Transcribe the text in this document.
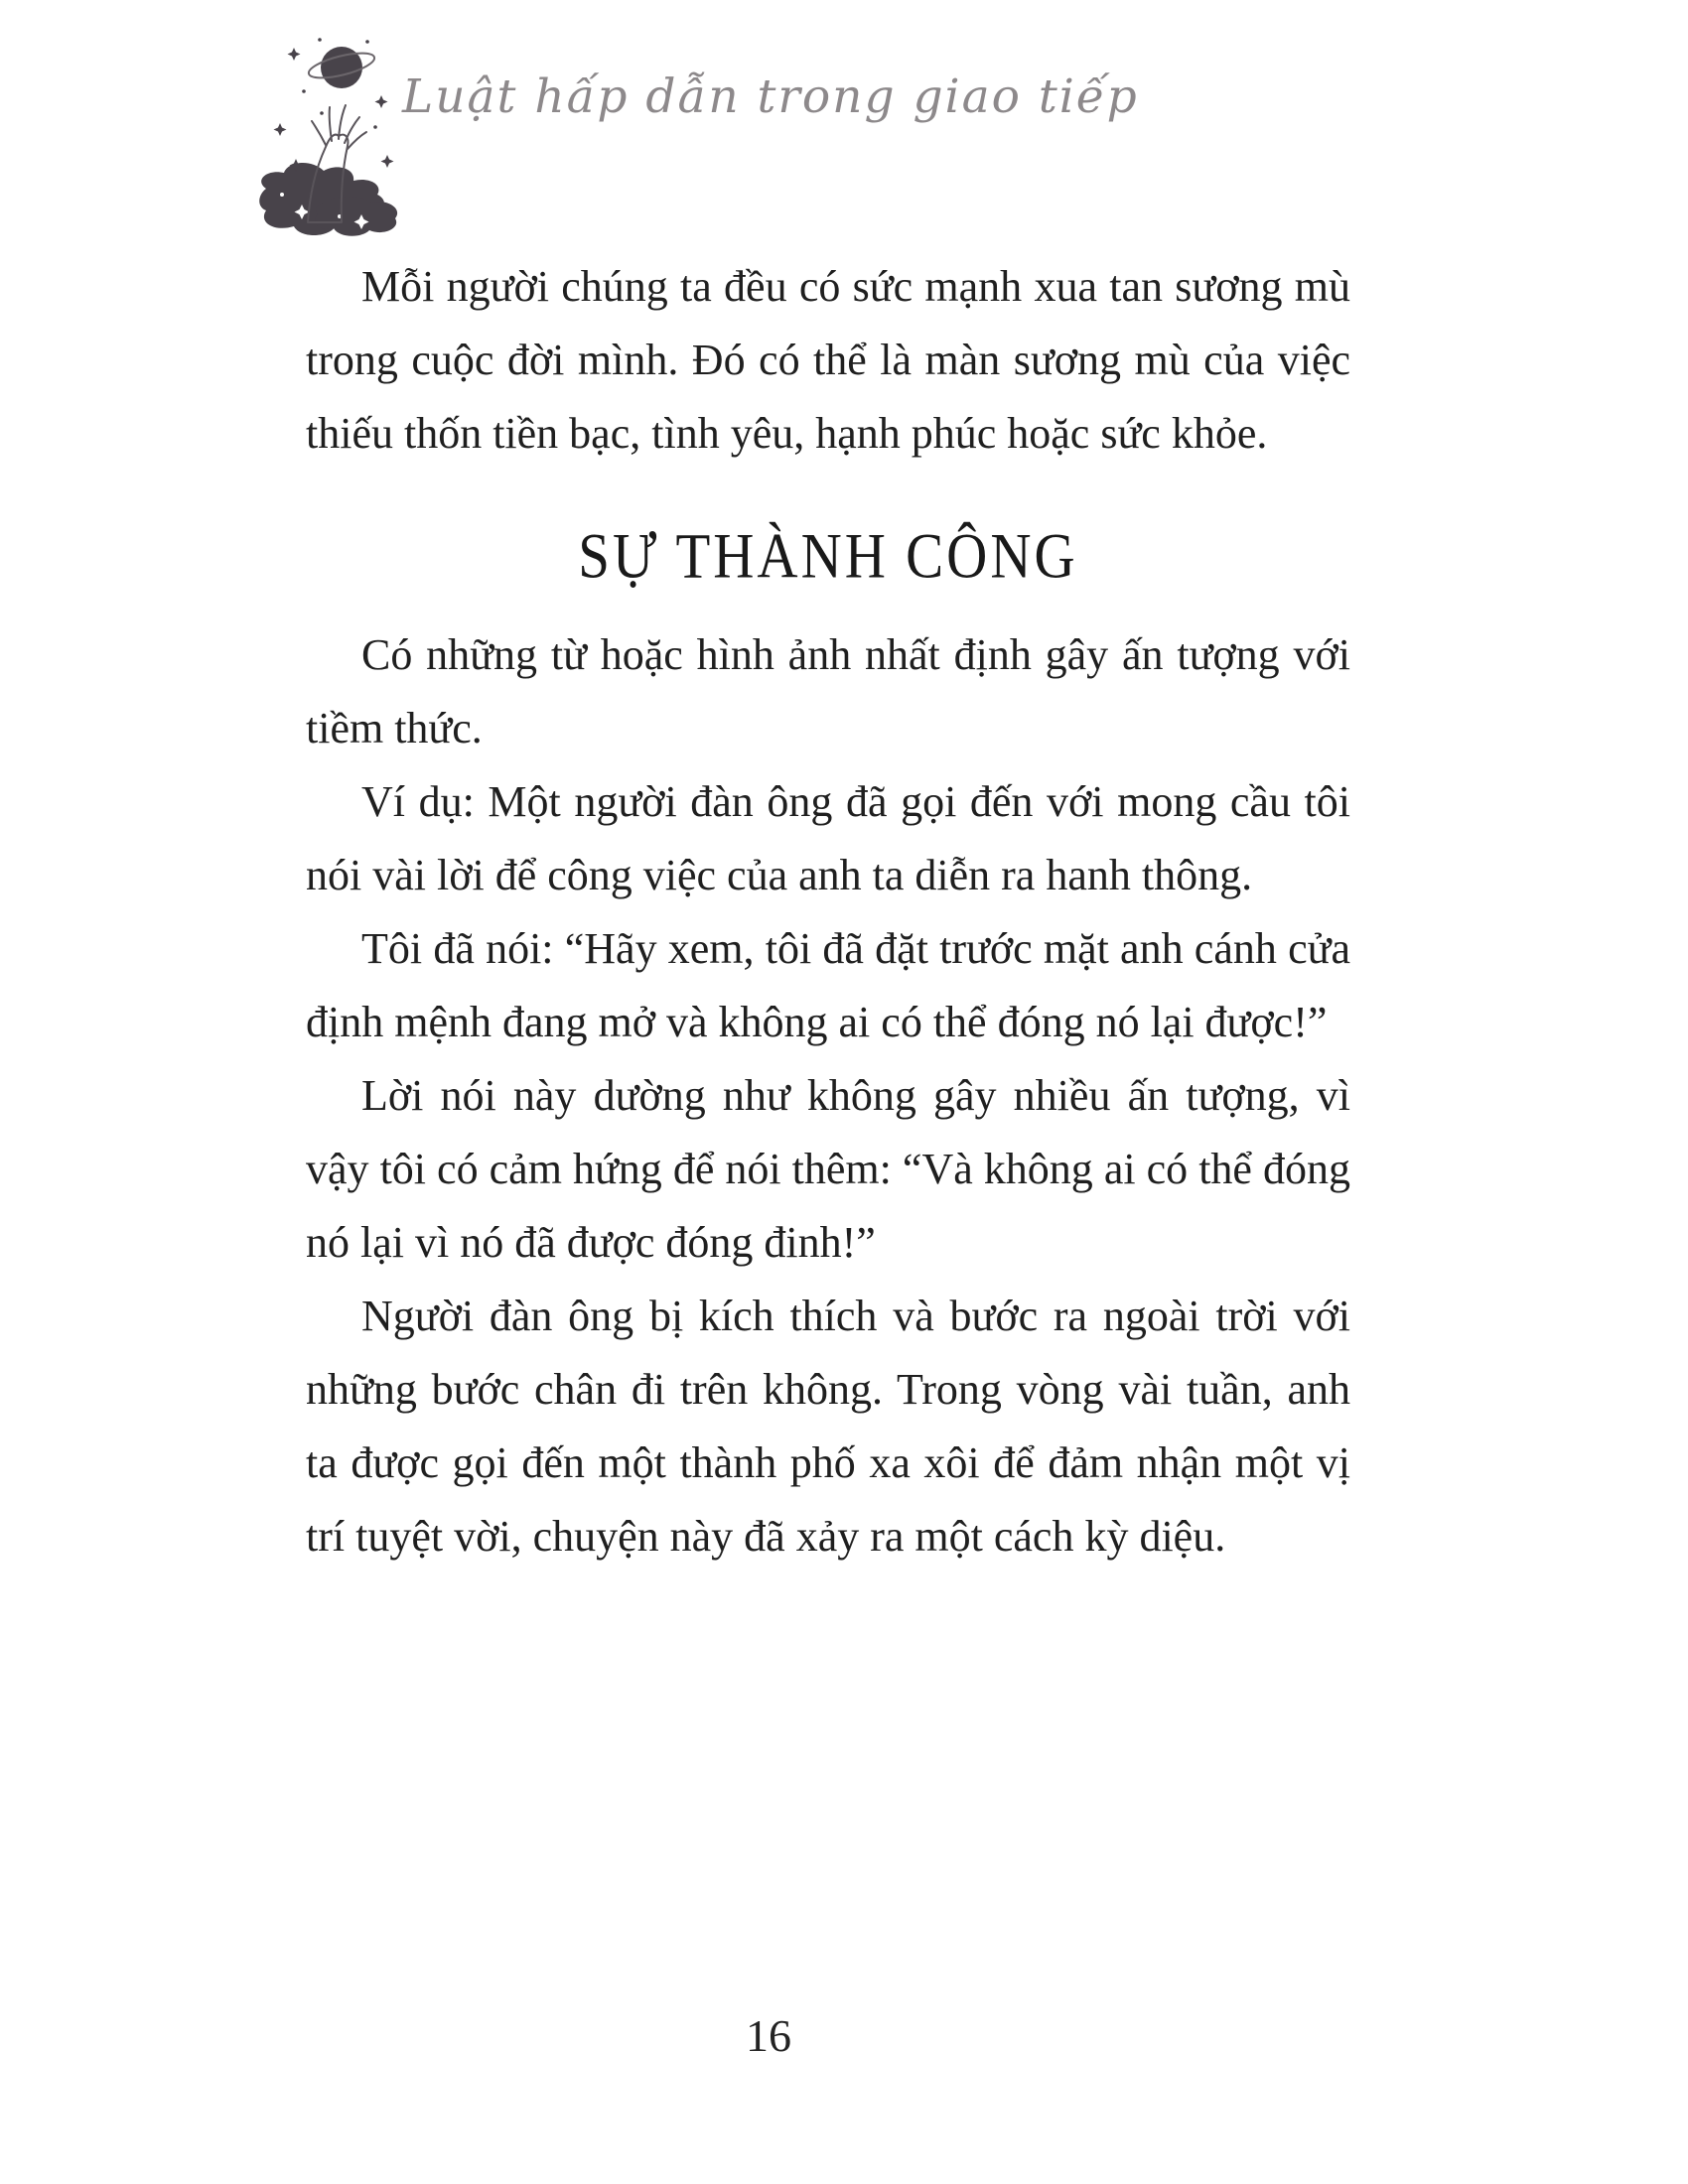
Luật hấp dẫn trong giao tiếp

Mỗi người chúng ta đều có sức mạnh xua tan sương mù trong cuộc đời mình. Đó có thể là màn sương mù của việc thiếu thốn tiền bạc, tình yêu, hạnh phúc hoặc sức khỏe.

SỰ THÀNH CÔNG

Có những từ hoặc hình ảnh nhất định gây ấn tượng với tiềm thức.

Ví dụ: Một người đàn ông đã gọi đến với mong cầu tôi nói vài lời để công việc của anh ta diễn ra hanh thông.

Tôi đã nói: “Hãy xem, tôi đã đặt trước mặt anh cánh cửa định mệnh đang mở và không ai có thể đóng nó lại được!”

Lời nói này dường như không gây nhiều ấn tượng, vì vậy tôi có cảm hứng để nói thêm: “Và không ai có thể đóng nó lại vì nó đã được đóng đinh!”

Người đàn ông bị kích thích và bước ra ngoài trời với những bước chân đi trên không. Trong vòng vài tuần, anh ta được gọi đến một thành phố xa xôi để đảm nhận một vị trí tuyệt vời, chuyện này đã xảy ra một cách kỳ diệu.

16
